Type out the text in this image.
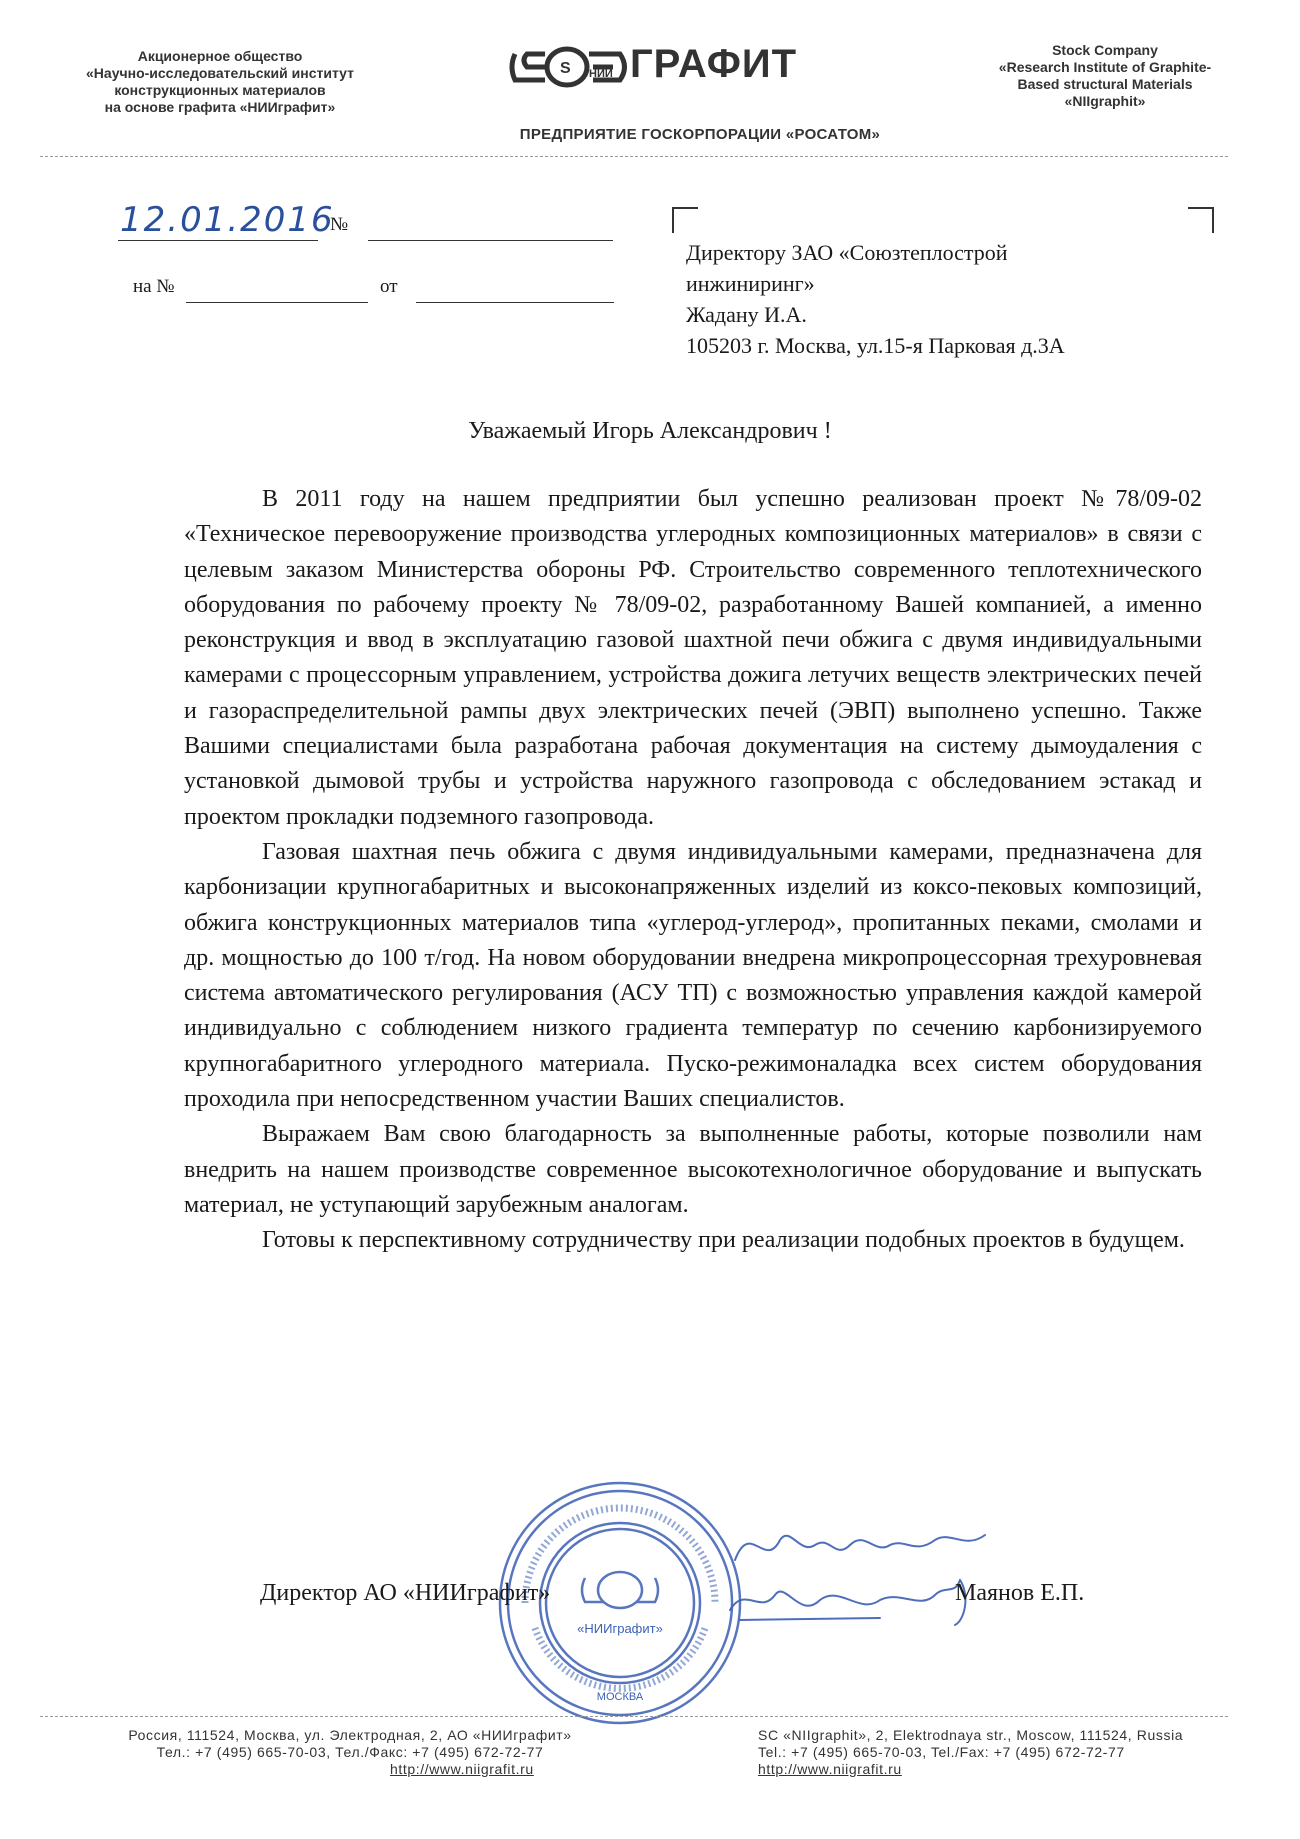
Акционерное общество
«Научно-исследовательский институт
конструкционных материалов
на основе графита «НИИграфит»
S НИИ ГРАФИТ	Stock Company
«Research Institute of Graphite-
Based structural Materials
«NIIgraphit»
ПРЕДПРИЯТИЕ ГОСКОРПОРАЦИИ «РОСАТОМ»
12.01.2016
№
на №	от
Директору ЗАО «Союзтеплострой
инжиниринг»
Жадану И.А.
105203 г. Москва, ул.15-я Парковая д.3А
Уважаемый Игорь Александрович !

В 2011 году на нашем предприятии был успешно реализован проект №78/09-02 «Техническое перевооружение производства углеродных композиционных материалов» в связи с целевым заказом Министерства обороны РФ. Строительство современного теплотехнического оборудования по рабочему проекту № 78/09-02, разработанному Вашей компанией, а именно реконструкция и ввод в эксплуатацию газовой шахтной печи обжига с двумя индивидуальными камерами с процессорным управлением, устройства дожига летучих веществ электрических печей и газораспределительной рампы двух электрических печей (ЭВП) выполнено успешно. Также Вашими специалистами была разработана рабочая документация на систему дымоудаления с установкой дымовой трубы и устройства наружного газопровода с обследованием эстакад и проектом прокладки подземного газопровода.

Газовая шахтная печь обжига с двумя индивидуальными камерами, предназначена для карбонизации крупногабаритных и высоконапряженных изделий из коксо-пековых композиций, обжига конструкционных материалов типа «углерод-углерод», пропитанных пеками, смолами и др. мощностью до 100 т/год. На новом оборудовании внедрена микропроцессорная трехуровневая система автоматического регулирования (АСУ ТП) с возможностью управления каждой камерой индивидуально с соблюдением низкого градиента температур по сечению карбонизируемого крупногабаритного углеродного материала. Пуско-режимоналадка всех систем оборудования проходила при непосредственном участии Ваших специалистов.

Выражаем Вам свою благодарность за выполненные работы, которые позволили нам внедрить на нашем производстве современное высокотехнологичное оборудование и выпускать материал, не уступающий зарубежным аналогам.

Готовы к перспективному сотрудничеству при реализации подобных проектов в будущем.

«НИИграфит»
МОСКВА
Директор АО «НИИграфит»	Маянов Е.П.
Россия, 111524, Москва, ул. Электродная, 2, АО «НИИграфит»
Тел.: +7 (495) 665-70-03, Тел./Факс: +7 (495) 672-72-77
http://www.niigrafit.ru
SC «NIIgraphit», 2, Elektrodnaya str., Moscow, 111524, Russia
Tel.: +7 (495) 665-70-03, Tel./Fax: +7 (495) 672-72-77
http://www.niigrafit.ru
